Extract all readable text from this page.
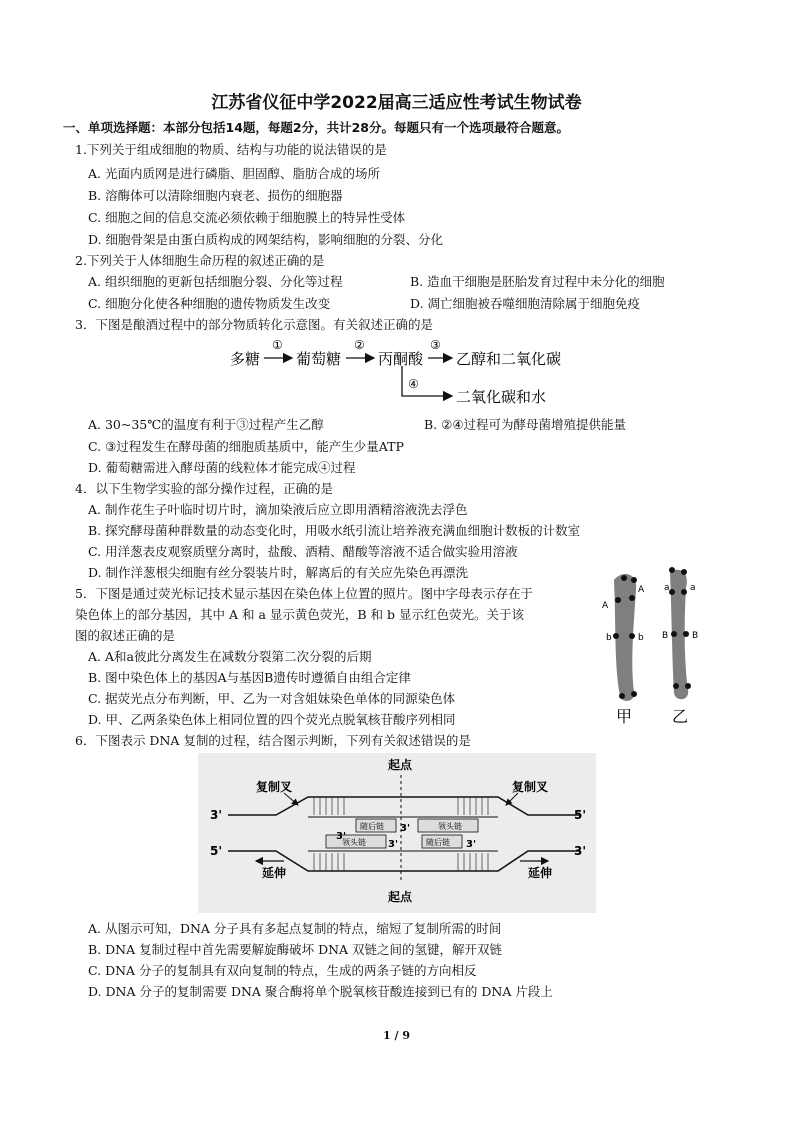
江苏省仪征中学2022届高三适应性考试生物试卷
一、单项选择题：本部分包括14题，每题2分，共计28分。每题只有一个选项最符合题意。
1.下列关于组成细胞的物质、结构与功能的说法错误的是
A. 光面内质网是进行磷脂、胆固醇、脂肪合成的场所
B. 溶酶体可以清除细胞内衰老、损伤的细胞器
C. 细胞之间的信息交流必须依赖于细胞膜上的特异性受体
D. 细胞骨架是由蛋白质构成的网架结构，影响细胞的分裂、分化
2.下列关于人体细胞生命历程的叙述正确的是
A. 组织细胞的更新包括细胞分裂、分化等过程	B. 造血干细胞是胚胎发育过程中未分化的细胞
C. 细胞分化使各种细胞的遗传物质发生改变	D. 凋亡细胞被吞噬细胞清除属于细胞免疫
3．下图是酿酒过程中的部分物质转化示意图。有关叙述正确的是
多糖
①
葡萄糖
②
丙酮酸
③
乙醇和二氧化碳
④
二氧化碳和水
A. 30~35℃的温度有利于③过程产生乙醇	B. ②④过程可为酵母菌增殖提供能量
C. ③过程发生在酵母菌的细胞质基质中，能产生少量ATP
D. 葡萄糖需进入酵母菌的线粒体才能完成④过程
4．以下生物学实验的部分操作过程，正确的是
A. 制作花生子叶临时切片时，滴加染液后应立即用酒精溶液洗去浮色
B. 探究酵母菌种群数量的动态变化时，用吸水纸引流让培养液充满血细胞计数板的计数室
C. 用洋葱表皮观察质壁分离时，盐酸、酒精、醋酸等溶液不适合做实验用溶液
D. 制作洋葱根尖细胞有丝分裂装片时，解离后的有关应先染色再漂洗
5．下图是通过荧光标记技术显示基因在染色体上位置的照片。图中字母表示存在于
染色体上的部分基因，其中 A 和 a 显示黄色荧光，B 和 b 显示红色荧光。关于该
图的叙述正确的是
A. A和a彼此分离发生在减数分裂第二次分裂的后期
B. 图中染色体上的基因A与基因B遗传时遵循自由组合定律
C. 据荧光点分布判断，甲、乙为一对含姐妹染色单体的同源染色体
D. 甲、乙两条染色体上相同位置的四个荧光点脱氧核苷酸序列相同
A
A
b	b
a a
B	B
甲 乙
6．下图表示 DNA 复制的过程，结合图示判断，下列有关叙述错误的是
起点
起点
随后链	领头链
领头链	随后链
3'
3'
3'	3'
3'	5'
5'	3'
复制叉	复制叉
延伸	延伸
A. 从图示可知，DNA 分子具有多起点复制的特点，缩短了复制所需的时间
B. DNA 复制过程中首先需要解旋酶破坏 DNA 双链之间的氢键，解开双链
C. DNA 分子的复制具有双向复制的特点，生成的两条子链的方向相反
D. DNA 分子的复制需要 DNA 聚合酶将单个脱氧核苷酸连接到已有的 DNA 片段上
1 / 9
